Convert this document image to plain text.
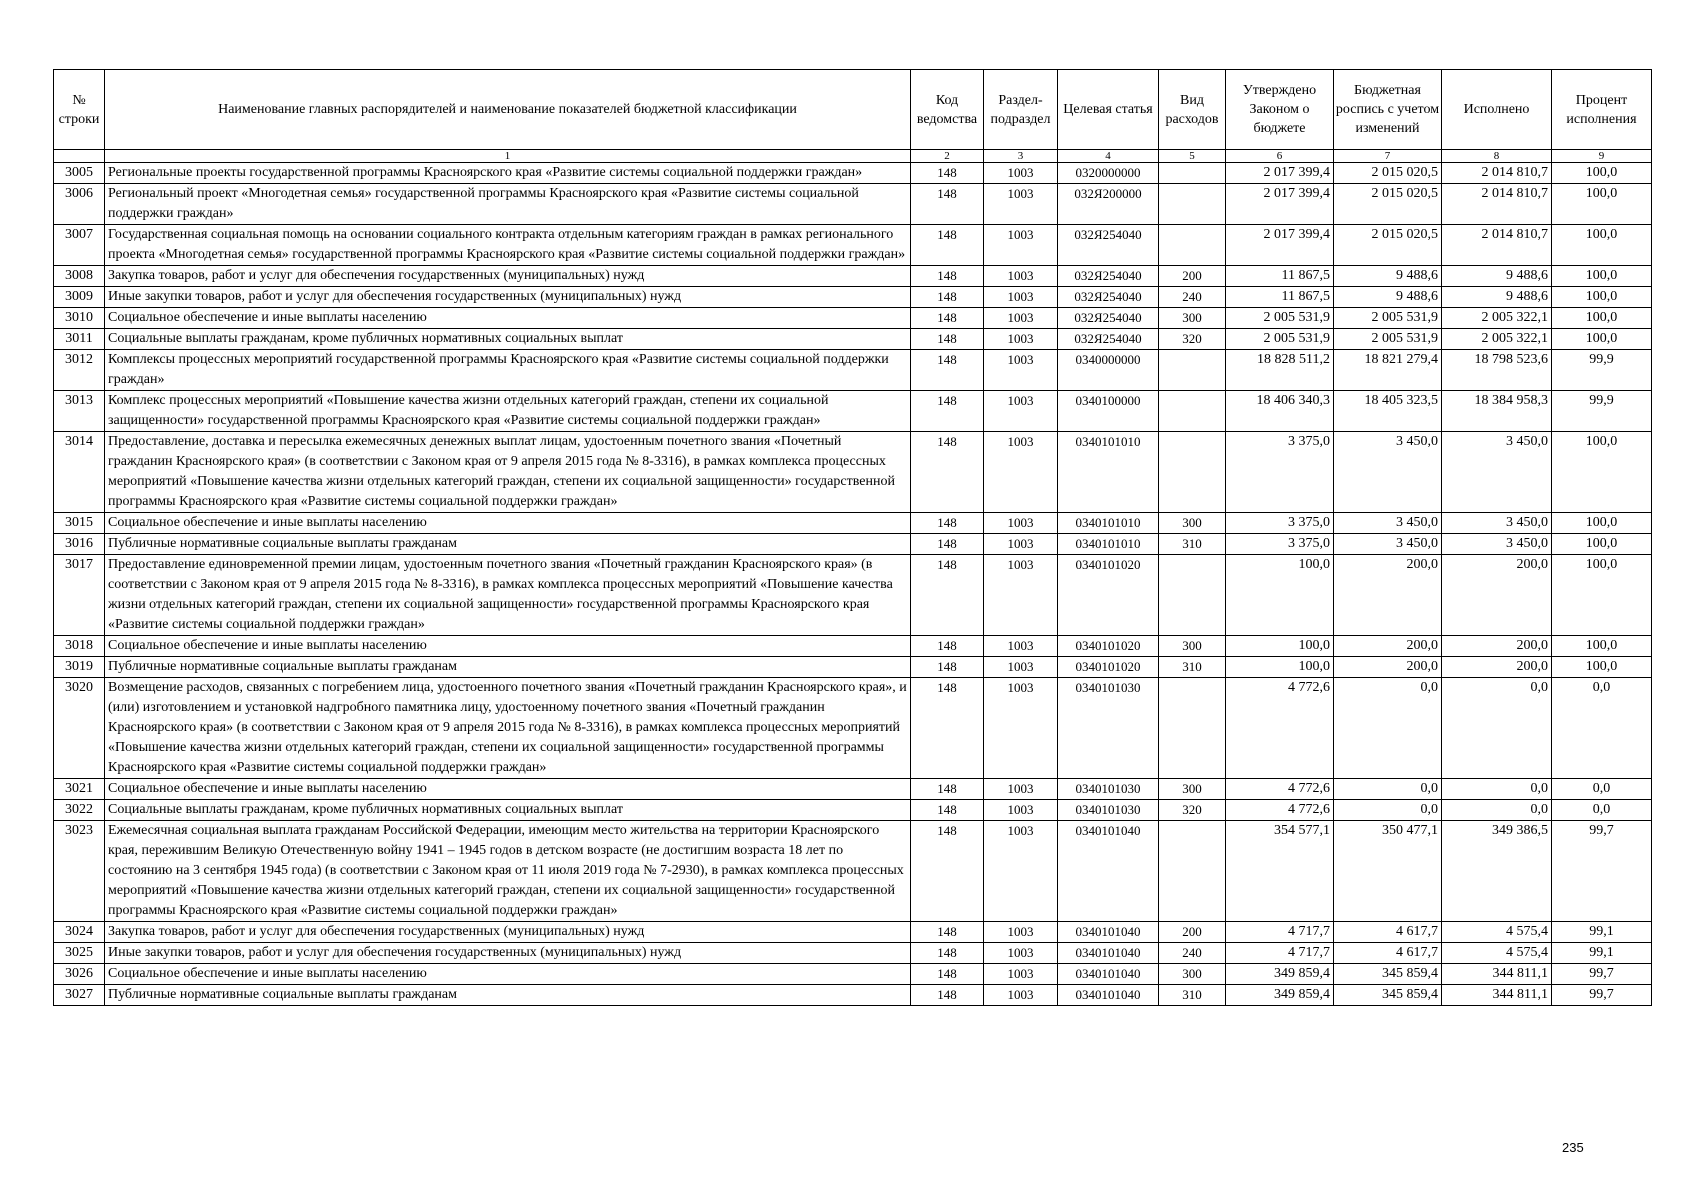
№ строки	Наименование главных распорядителей и наименование показателей бюджетной классификации	Код ведомства	Раздел-подраздел	Целевая статья	Вид расходов	Утверждено Законом о бюджете	Бюджетная роспись с учетом изменений	Исполнено	Процент исполнения
	1	2	3	4	5	6	7	8	9
3005	Региональные проекты государственной программы Красноярского края «Развитие системы социальной поддержки граждан»	148	1003	0320000000		2 017 399,4	2 015 020,5	2 014 810,7	100,0
3006	Региональный проект «Многодетная семья» государственной программы Красноярского края «Развитие системы социальной поддержки граждан»	148	1003	032Я200000		2 017 399,4	2 015 020,5	2 014 810,7	100,0
3007	Государственная социальная помощь на основании социального контракта отдельным категориям граждан в рамках регионального проекта «Многодетная семья» государственной программы Красноярского края «Развитие системы социальной поддержки граждан»	148	1003	032Я254040		2 017 399,4	2 015 020,5	2 014 810,7	100,0
3008	Закупка товаров, работ и услуг для обеспечения государственных (муниципальных) нужд	148	1003	032Я254040	200	11 867,5	9 488,6	9 488,6	100,0
3009	Иные закупки товаров, работ и услуг для обеспечения государственных (муниципальных) нужд	148	1003	032Я254040	240	11 867,5	9 488,6	9 488,6	100,0
3010	Социальное обеспечение и иные выплаты населению	148	1003	032Я254040	300	2 005 531,9	2 005 531,9	2 005 322,1	100,0
3011	Социальные выплаты гражданам, кроме публичных нормативных социальных выплат	148	1003	032Я254040	320	2 005 531,9	2 005 531,9	2 005 322,1	100,0
3012	Комплексы процессных мероприятий государственной программы Красноярского края «Развитие системы социальной поддержки граждан»	148	1003	0340000000		18 828 511,2	18 821 279,4	18 798 523,6	99,9
3013	Комплекс процессных мероприятий «Повышение качества жизни отдельных категорий граждан, степени их социальной защищенности» государственной программы Красноярского края «Развитие системы социальной поддержки граждан»	148	1003	0340100000		18 406 340,3	18 405 323,5	18 384 958,3	99,9
3014	Предоставление, доставка и пересылка ежемесячных денежных выплат лицам, удостоенным почетного звания «Почетный гражданин Красноярского края» (в соответствии с Законом края от 9 апреля 2015 года № 8-3316), в рамках комплекса процессных мероприятий «Повышение качества жизни отдельных категорий граждан, степени их социальной защищенности» государственной программы Красноярского края «Развитие системы социальной поддержки граждан»	148	1003	0340101010		3 375,0	3 450,0	3 450,0	100,0
3015	Социальное обеспечение и иные выплаты населению	148	1003	0340101010	300	3 375,0	3 450,0	3 450,0	100,0
3016	Публичные нормативные социальные выплаты гражданам	148	1003	0340101010	310	3 375,0	3 450,0	3 450,0	100,0
3017	Предоставление единовременной премии лицам, удостоенным почетного звания «Почетный гражданин Красноярского края» (в соответствии с Законом края от 9 апреля 2015 года № 8-3316), в рамках комплекса процессных мероприятий «Повышение качества жизни отдельных категорий граждан, степени их социальной защищенности» государственной программы Красноярского края «Развитие системы социальной поддержки граждан»	148	1003	0340101020		100,0	200,0	200,0	100,0
3018	Социальное обеспечение и иные выплаты населению	148	1003	0340101020	300	100,0	200,0	200,0	100,0
3019	Публичные нормативные социальные выплаты гражданам	148	1003	0340101020	310	100,0	200,0	200,0	100,0
3020	Возмещение расходов, связанных с погребением лица, удостоенного почетного звания «Почетный гражданин Красноярского края», и (или) изготовлением и установкой надгробного памятника лицу, удостоенному почетного звания «Почетный гражданин Красноярского края» (в соответствии с Законом края от 9 апреля 2015 года № 8-3316), в рамках комплекса процессных мероприятий «Повышение качества жизни отдельных категорий граждан, степени их социальной защищенности» государственной программы Красноярского края «Развитие системы социальной поддержки граждан»	148	1003	0340101030		4 772,6	0,0	0,0	0,0
3021	Социальное обеспечение и иные выплаты населению	148	1003	0340101030	300	4 772,6	0,0	0,0	0,0
3022	Социальные выплаты гражданам, кроме публичных нормативных социальных выплат	148	1003	0340101030	320	4 772,6	0,0	0,0	0,0
3023	Ежемесячная социальная выплата гражданам Российской Федерации, имеющим место жительства на территории Красноярского края, пережившим Великую Отечественную войну 1941 – 1945 годов в детском возрасте (не достигшим возраста 18 лет по состоянию на 3 сентября 1945 года) (в соответствии с Законом края от 11 июля 2019 года № 7-2930), в рамках комплекса процессных мероприятий «Повышение качества жизни отдельных категорий граждан, степени их социальной защищенности» государственной программы Красноярского края «Развитие системы социальной поддержки граждан»	148	1003	0340101040		354 577,1	350 477,1	349 386,5	99,7
3024	Закупка товаров, работ и услуг для обеспечения государственных (муниципальных) нужд	148	1003	0340101040	200	4 717,7	4 617,7	4 575,4	99,1
3025	Иные закупки товаров, работ и услуг для обеспечения государственных (муниципальных) нужд	148	1003	0340101040	240	4 717,7	4 617,7	4 575,4	99,1
3026	Социальное обеспечение и иные выплаты населению	148	1003	0340101040	300	349 859,4	345 859,4	344 811,1	99,7
3027	Публичные нормативные социальные выплаты гражданам	148	1003	0340101040	310	349 859,4	345 859,4	344 811,1	99,7
235
